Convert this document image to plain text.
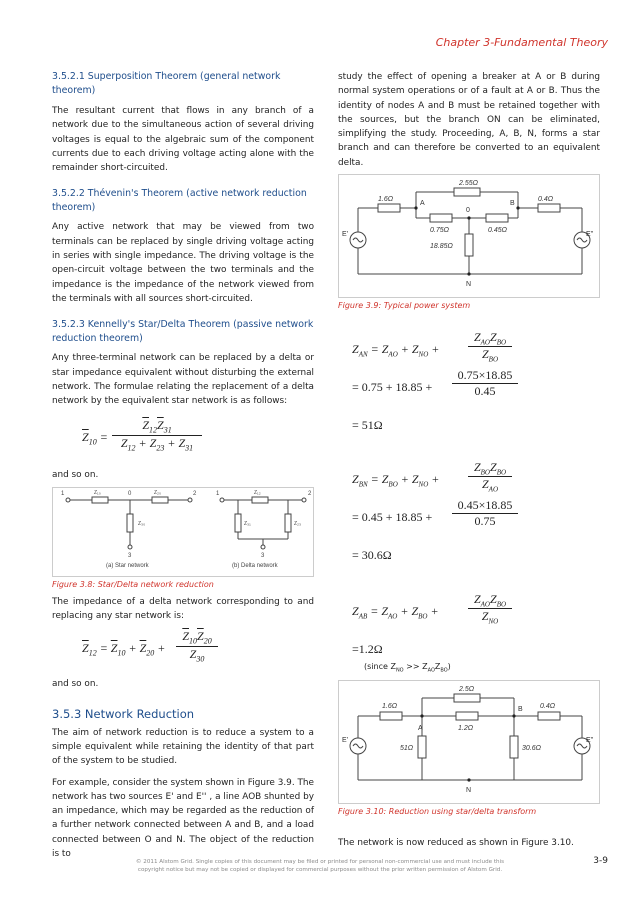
Chapter 3-Fundamental Theory
3.5.2.1 Superposition Theorem (general network theorem)

The resultant current that flows in any branch of a network due to the simultaneous action of several driving voltages is equal to the algebraic sum of the component currents due to each driving voltage acting alone with the remainder short-circuited.

3.5.2.2 Thévenin's Theorem (active network reduction theorem)

Any active network that may be viewed from two terminals can be replaced by single driving voltage acting in series with single impedance. The driving voltage is the open-circuit voltage between the two terminals and the impedance is the impedance of the network viewed from the terminals with all sources short-circuited.

3.5.2.3 Kennelly's Star/Delta Theorem (passive network reduction theorem)

Any three-terminal network can be replaced by a delta or star impedance equivalent without disturbing the external network. The formulae relating the replacement of a delta network by the equivalent star network is as follows:

$\overline{Z}_{10}$ =
$\overline{Z}_{12}\overline{Z}_{31}$
$\overline{Z}_{12} + \overline{Z}_{23} + \overline{Z}_{31}$

and so on.

1	Z₁₀	0	Z₂₀	2
Z₃₀
3
(a) Star network
1	Z₁₂	2
Z₃₁	Z₂₃
3
(b) Delta network
Figure 3.8: Star/Delta network reduction

The impedance of a delta network corresponding to and replacing any star network is:

$\overline{Z}_{12} = \overline{Z}_{10} + \overline{Z}_{20}$ +
$\overline{Z}_{10}\overline{Z}_{20}$
$\overline{Z}_{30}$

and so on.

3.5.3 Network Reduction

The aim of network reduction is to reduce a system to a simple equivalent while retaining the identity of that part of the system to be studied.

For example, consider the system shown in Figure 3.9. The network has two sources E' and E'' , a line AOB shunted by an impedance, which may be regarded as the reduction of a further network connected between A and B, and a load connected between O and N. The object of the reduction is to

study the effect of opening a breaker at A or B during normal system operations or of a fault at A or B. Thus the identity of nodes A and B must be retained together with the sources, but the branch ON can be eliminated, simplifying the study. Proceeding, A, B, N, forms a star branch and can therefore be converted to an equivalent delta.

2.55Ω
1.6Ω	0.4Ω
A	B
0
0.75Ω	0.45Ω
18.85Ω
N
E'	E''
Figure 3.9: Typical power system
$Z_{AN} = Z_{AO} + Z_{NO}$ +
$Z_{AO}Z_{BO}$
$Z_{BO}$
= $0.75 + 18.85 + \frac{0.75\times 18.85}{0.45}$
= 51Ω
$Z_{BN} = Z_{BO} + Z_{NO}$ +
$Z_{BO}Z_{BO}$
$Z_{AO}$
= $0.45 + 18.85 + \frac{0.45\times 18.85}{0.75}$
= 30.6Ω
$Z_{AB} = Z_{AO} + Z_{BO}$ +
$Z_{AO}Z_{BO}$
$Z_{NO}$
=1.2Ω
(since $Z_{NO} >> Z_{AO}Z_{BO}$)
2.5Ω
1.6Ω	0.4Ω
A
B
1.2Ω
51Ω	30.6Ω
N
E'	E''
Figure 3.10: Reduction using star/delta transform

The network is now reduced as shown in Figure 3.10.

© 2011 Alstom Grid. Single copies of this document may be filed or printed for personal non-commercial use and must include this copyright notice but may not be copied or displayed for commercial purposes without the prior written permission of Alstom Grid.
3-9
